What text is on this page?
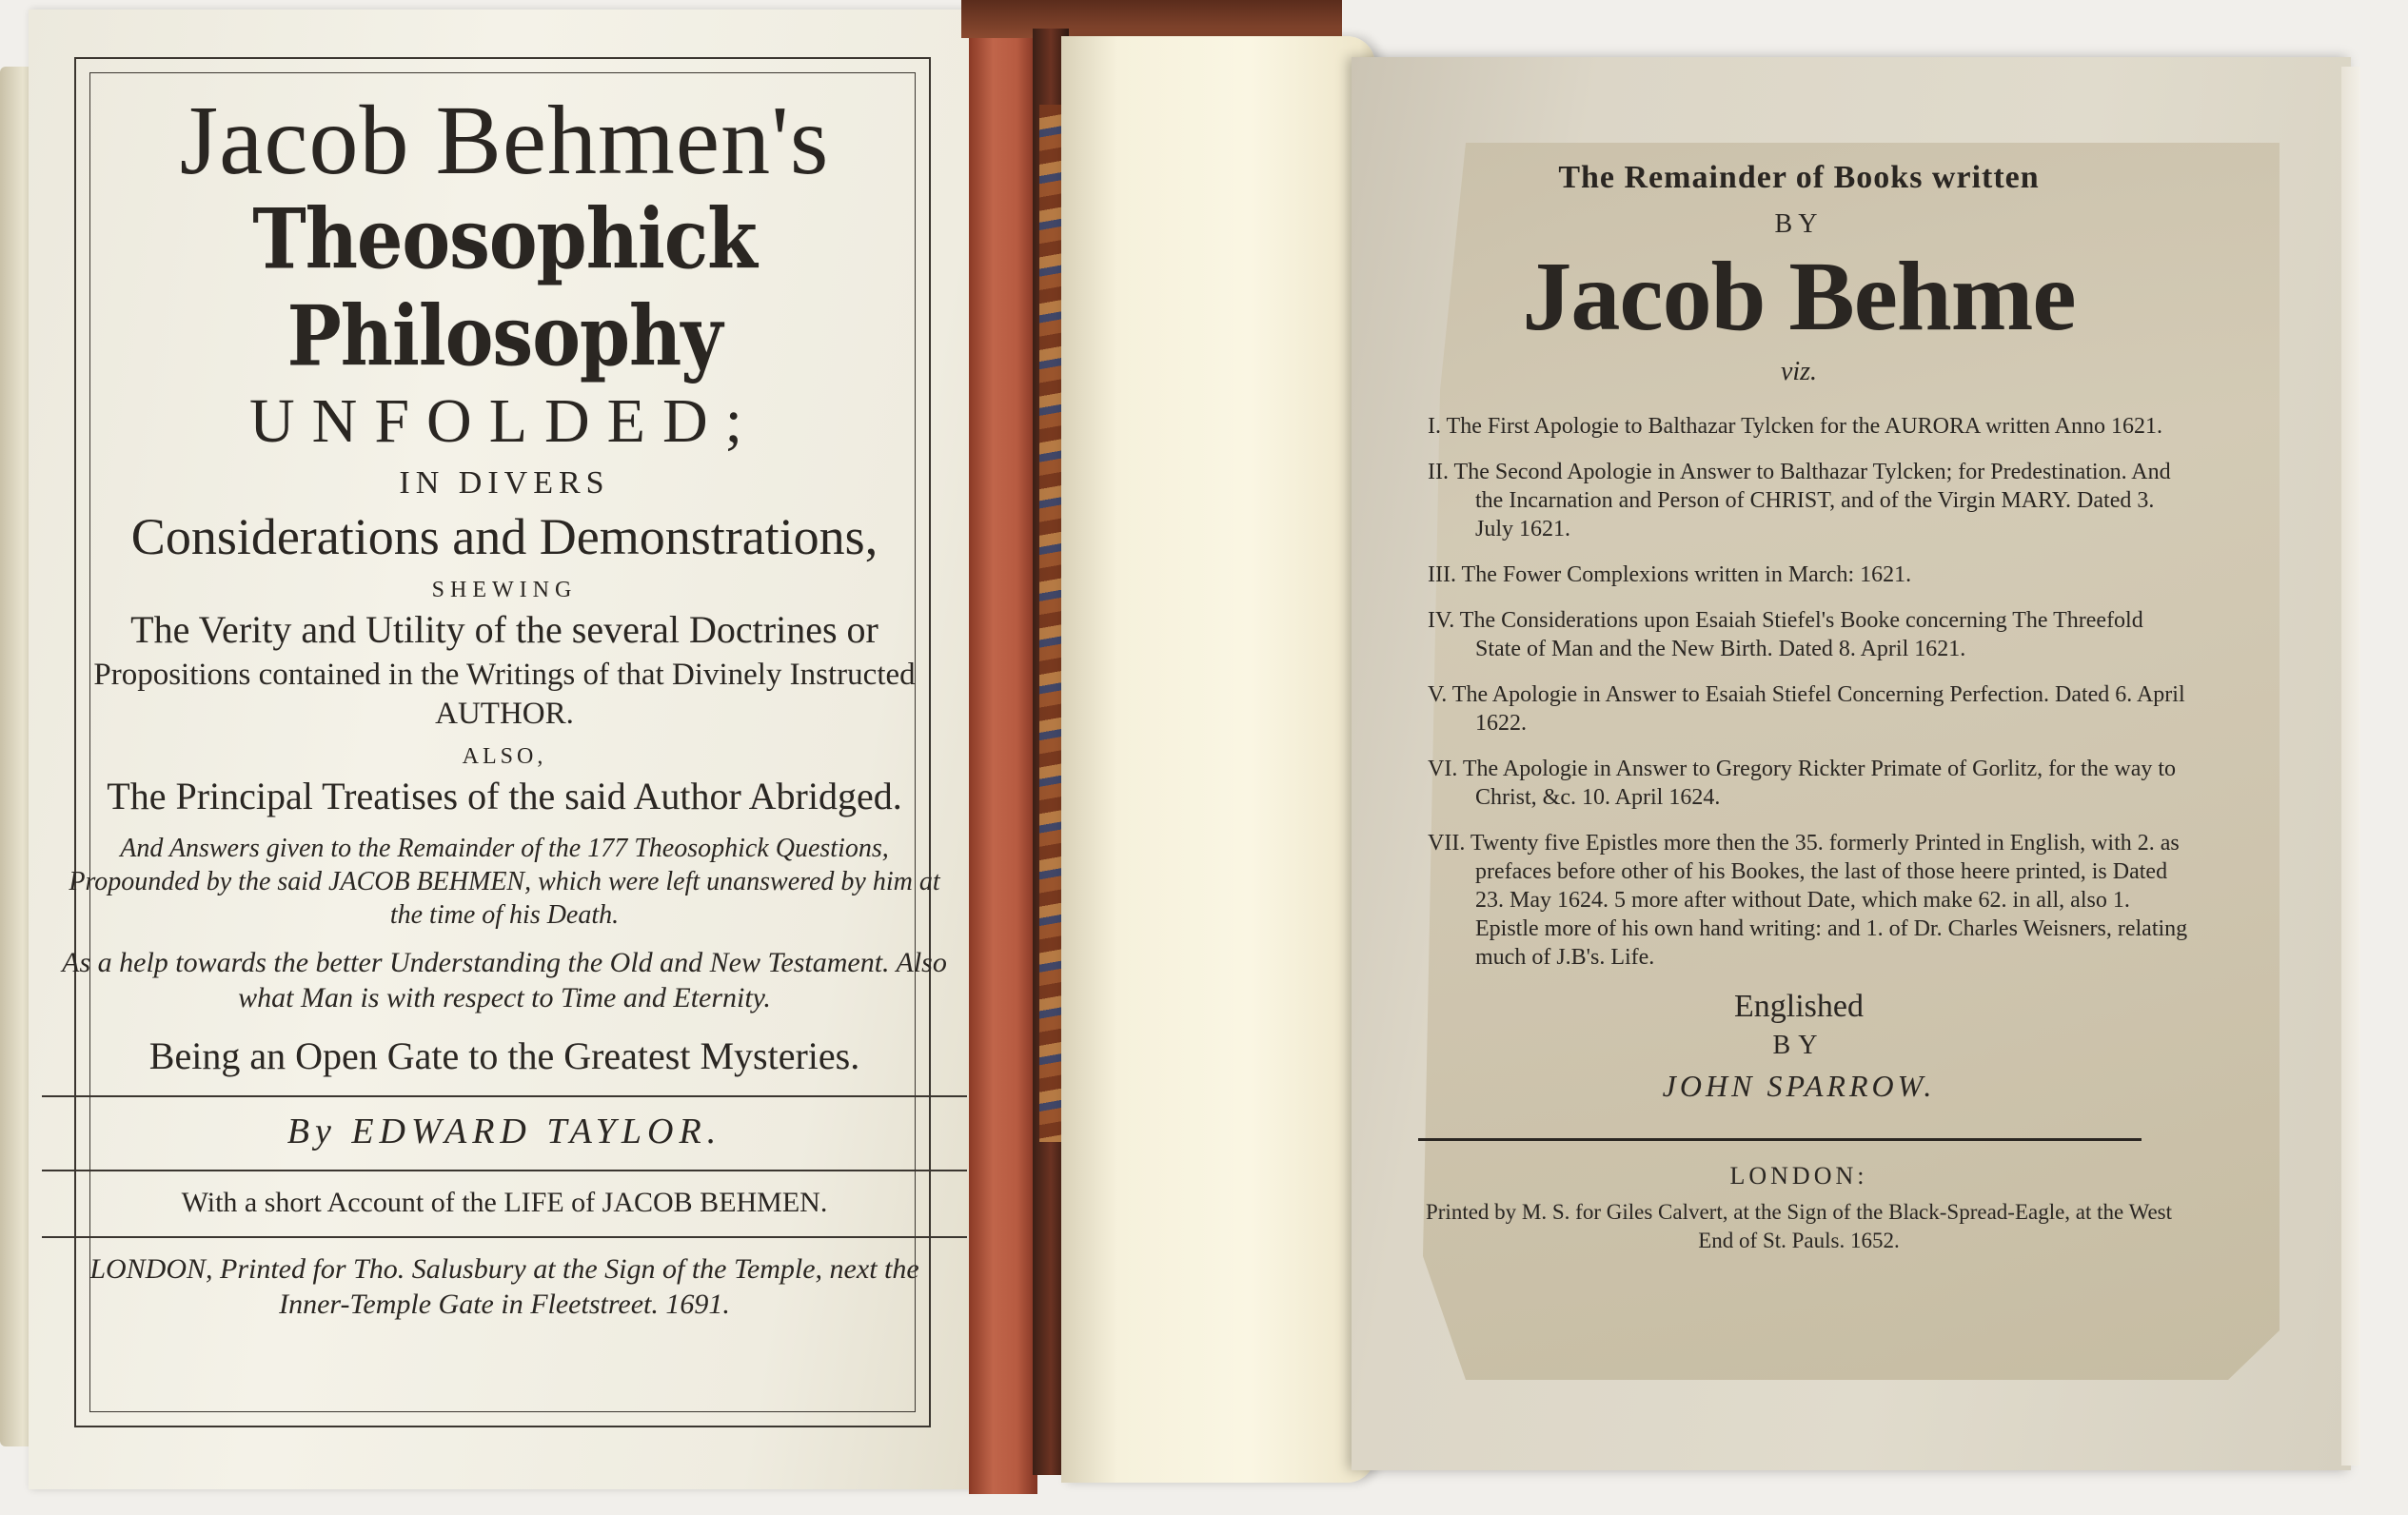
Jacob Behmen's
Theosophick Philosophy
UNFOLDED;
IN DIVERS
Considerations and Demonstrations,
SHEWING
The Verity and Utility of the several Doctrines or
Propositions contained in the Writings of that Divinely Instructed AUTHOR.
ALSO,
The Principal Treatises of the said Author Abridged.
And Answers given to the Remainder of the 177 Theosophick Questions, Propounded by the said JACOB BEHMEN, which were left unanswered by him at the time of his Death.
As a help towards the better Understanding the Old and New Testament. Also what Man is with respect to Time and Eternity.
Being an Open Gate to the Greatest Mysteries.
By EDWARD TAYLOR.
With a short Account of the LIFE of JACOB BEHMEN.
LONDON, Printed for Tho. Salusbury at the Sign of the Temple, next the Inner-Temple Gate in Fleetstreet. 1691.
The Remainder of Books written
BY
Jacob Behme
viz.

I. The First Apologie to Balthazar Tylcken for the AURORA written Anno 1621.

II. The Second Apologie in Answer to Balthazar Tylcken; for Predestination. And the Incarnation and Person of CHRIST, and of the Virgin MARY. Dated 3. July 1621.

III. The Fower Complexions written in March: 1621.

IV. The Considerations upon Esaiah Stiefel's Booke concerning The Threefold State of Man and the New Birth. Dated 8. April 1621.

V. The Apologie in Answer to Esaiah Stiefel Concerning Perfection. Dated 6. April 1622.

VI. The Apologie in Answer to Gregory Rickter Primate of Gorlitz, for the way to Christ, &c. 10. April 1624.

VII. Twenty five Epistles more then the 35. formerly Printed in English, with 2. as prefaces before other of his Bookes, the last of those heere printed, is Dated 23. May 1624. 5 more after without Date, which make 62. in all, also 1. Epistle more of his own hand writing: and 1. of Dr. Charles Weisners, relating much of J.B's. Life.

Englished
BY
JOHN SPARROW.
LONDON:
Printed by M. S. for Giles Calvert, at the Sign of the Black-Spread-Eagle, at the West End of St. Pauls. 1652.
